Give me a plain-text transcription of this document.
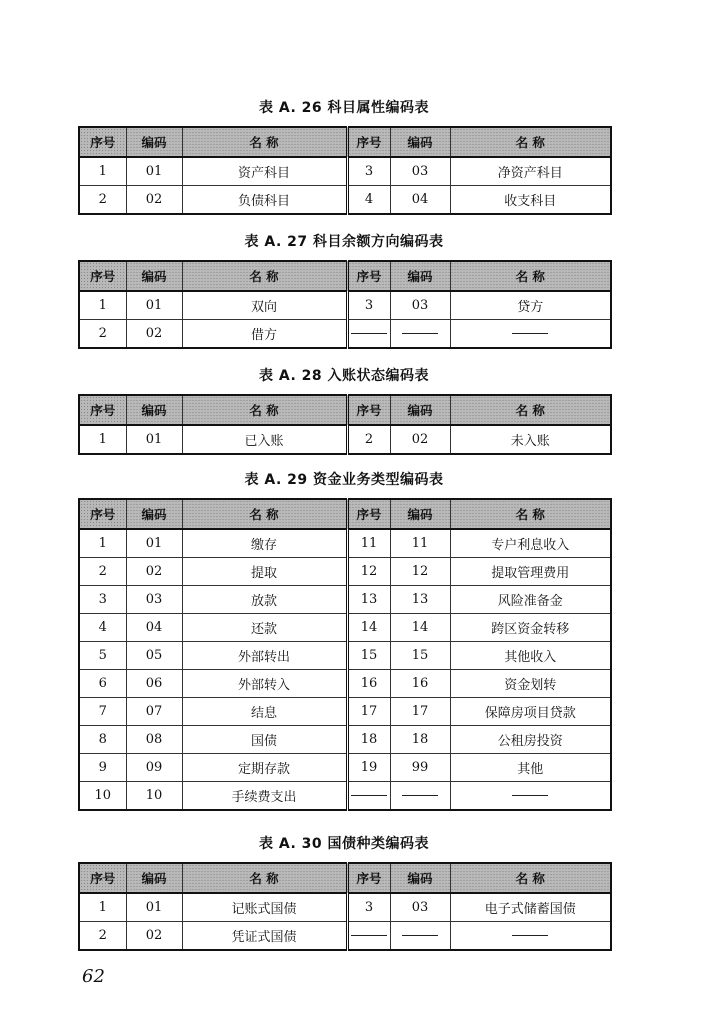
表 A. 26 科目属性编码表
序号	编码	名 称	序号	编码	名 称
1	01	资产科目	3	03	净资产科目
2	02	负债科目	4	04	收支科目
表 A. 27 科目余额方向编码表
序号	编码	名 称	序号	编码	名 称
1	01	双向	3	03	贷方
2	02	借方			
表 A. 28 入账状态编码表
序号	编码	名 称	序号	编码	名 称
1	01	已入账	2	02	未入账
表 A. 29 资金业务类型编码表
序号	编码	名 称	序号	编码	名 称
1	01	缴存	11	11	专户利息收入
2	02	提取	12	12	提取管理费用
3	03	放款	13	13	风险准备金
4	04	还款	14	14	跨区资金转移
5	05	外部转出	15	15	其他收入
6	06	外部转入	16	16	资金划转
7	07	结息	17	17	保障房项目贷款
8	08	国债	18	18	公租房投资
9	09	定期存款	19	99	其他
10	10	手续费支出			
表 A. 30 国债种类编码表
序号	编码	名 称	序号	编码	名 称
1	01	记账式国债	3	03	电子式储蓄国债
2	02	凭证式国债			
62
